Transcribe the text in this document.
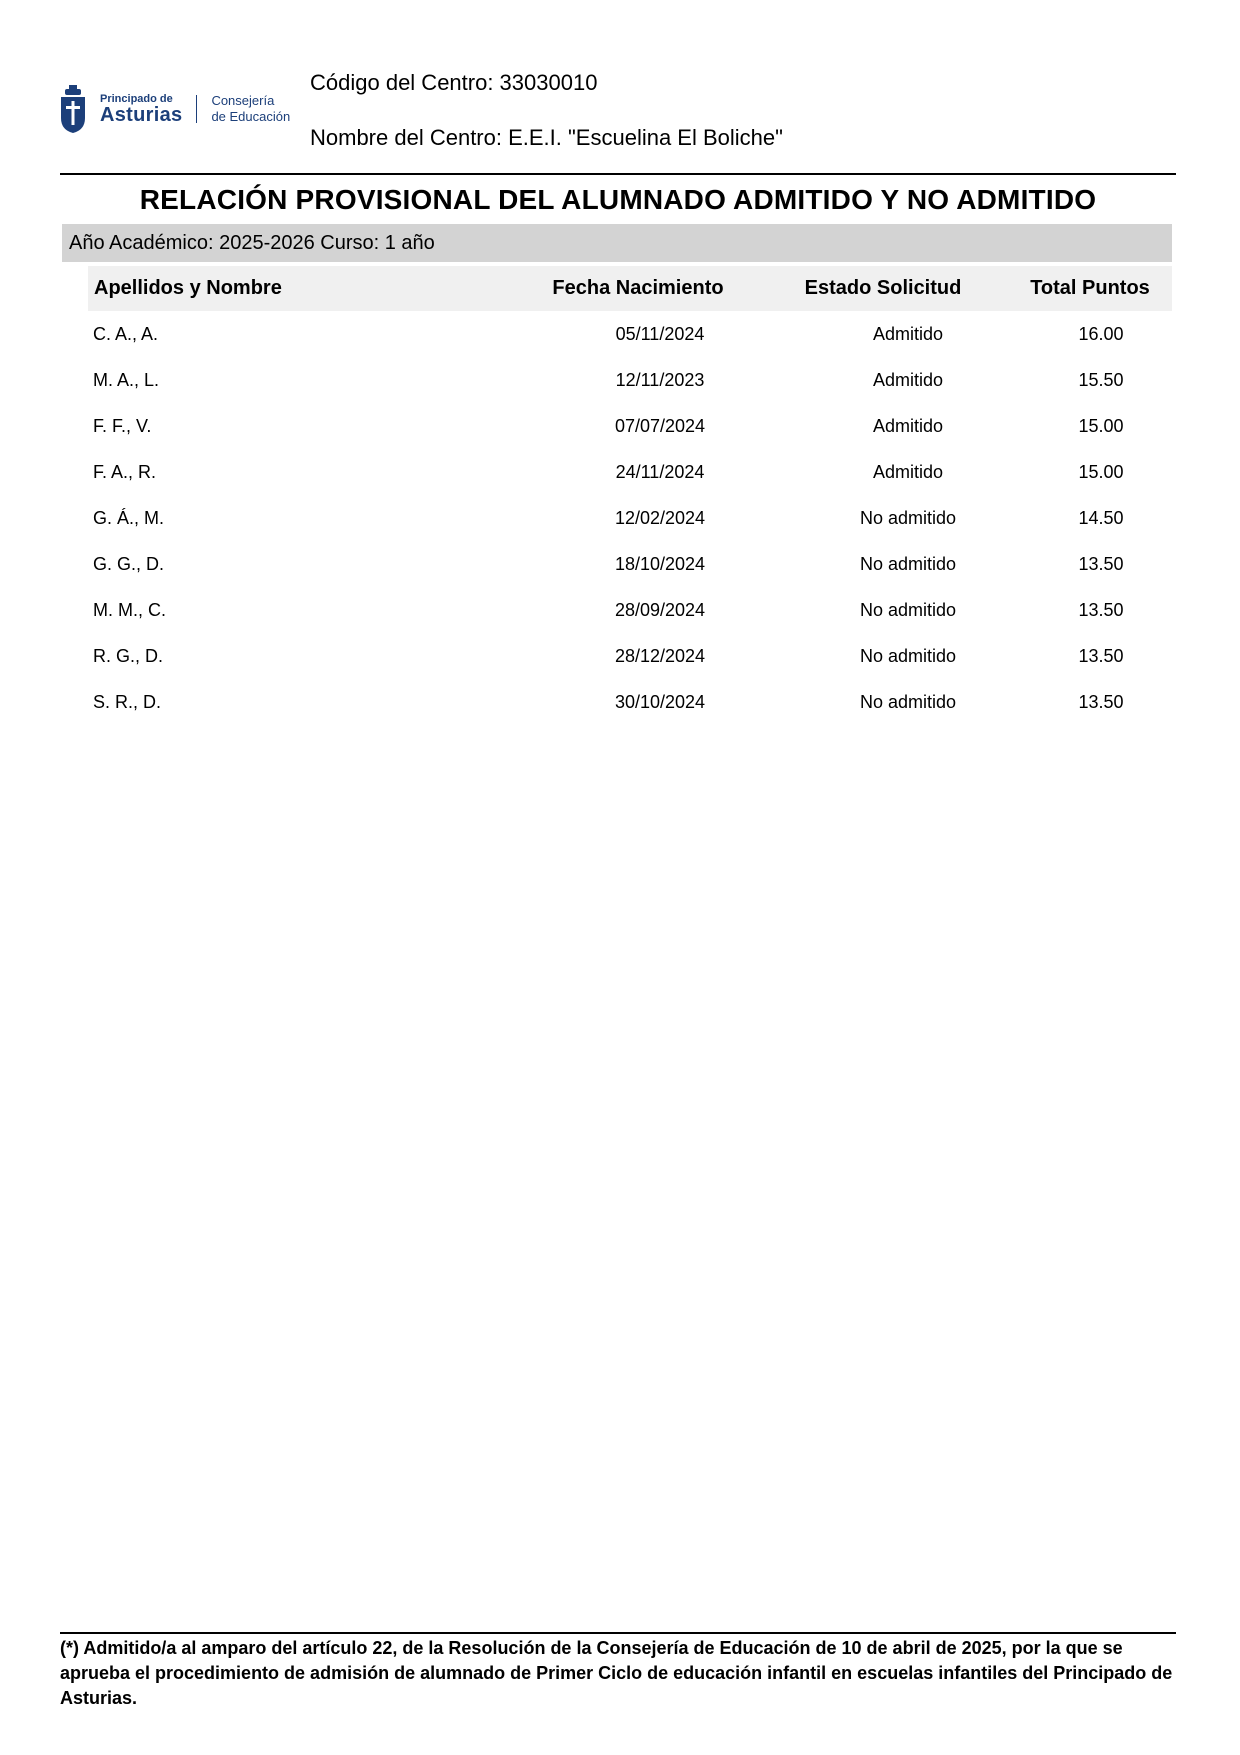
Principado de
Asturias
Consejería
de Educación
Código del Centro: 33030010
Nombre del Centro: E.E.I. "Escuelina El Boliche"
RELACIÓN PROVISIONAL DEL ALUMNADO ADMITIDO Y NO ADMITIDO
Año Académico: 2025-2026 Curso: 1 año
Apellidos y Nombre	Fecha Nacimiento	Estado Solicitud	Total Puntos
C. A., A.	05/11/2024	Admitido	16.00
M. A., L.	12/11/2023	Admitido	15.50
F. F., V.	07/07/2024	Admitido	15.00
F. A., R.	24/11/2024	Admitido	15.00
G. Á., M.	12/02/2024	No admitido	14.50
G. G., D.	18/10/2024	No admitido	13.50
M. M., C.	28/09/2024	No admitido	13.50
R. G., D.	28/12/2024	No admitido	13.50
S. R., D.	30/10/2024	No admitido	13.50
(*) Admitido/a al amparo del artículo 22, de la Resolución de la Consejería de Educación de 10 de abril de 2025, por la que se aprueba el procedimiento de admisión de alumnado de Primer Ciclo de educación infantil en escuelas infantiles del Principado de Asturias.
